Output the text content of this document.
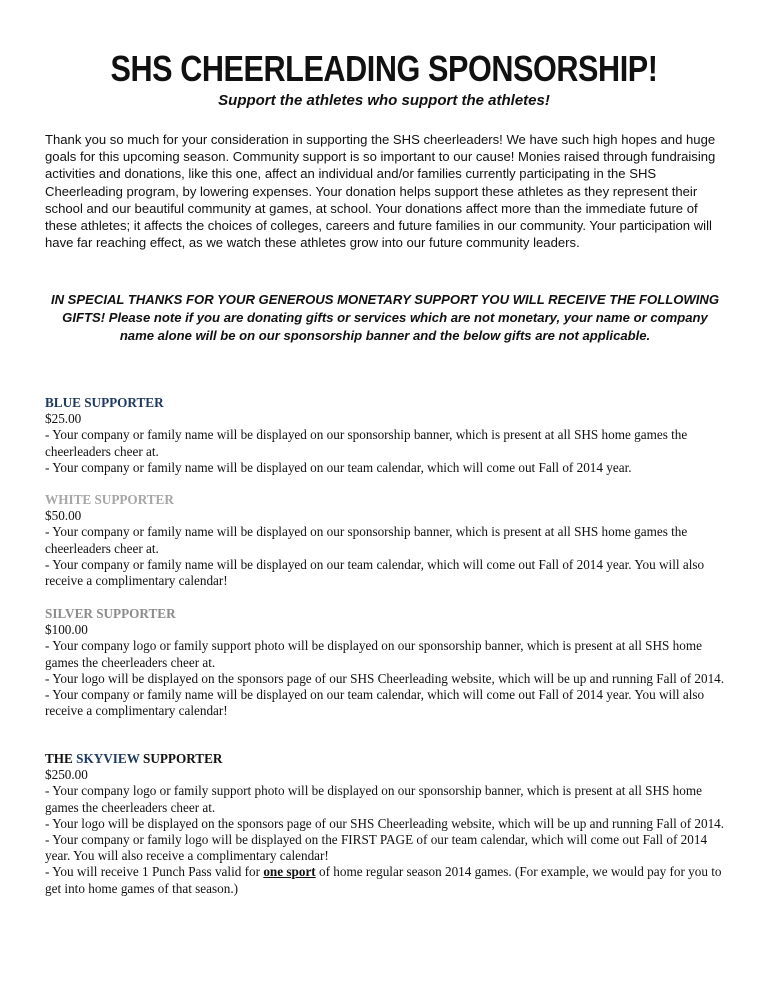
SHS CHEERLEADING SPONSORSHIP!

Support the athletes who support the athletes!

Thank you so much for your consideration in supporting the SHS cheerleaders! We have such high hopes and huge goals for this upcoming season. Community support is so important to our cause! Monies raised through fundraising activities and donations, like this one, affect an individual and/or families currently participating in the SHS Cheerleading program, by lowering expenses. Your donation helps support these athletes as they represent their school and our beautiful community at games, at school. Your donations affect more than the immediate future of these athletes; it affects the choices of colleges, careers and future families in our community. Your participation will have far reaching effect, as we watch these athletes grow into our future community leaders.

IN SPECIAL THANKS FOR YOUR GENEROUS MONETARY SUPPORT YOU WILL RECEIVE THE FOLLOWING GIFTS! Please note if you are donating gifts or services which are not monetary, your name or company name alone will be on our sponsorship banner and the below gifts are not applicable.

BLUE SUPPORTER
$25.00
- Your company or family name will be displayed on our sponsorship banner, which is present at all SHS home games the cheerleaders cheer at.
- Your company or family name will be displayed on our team calendar, which will come out Fall of 2014 year.
WHITE SUPPORTER
$50.00
- Your company or family name will be displayed on our sponsorship banner, which is present at all SHS home games the cheerleaders cheer at.
- Your company or family name will be displayed on our team calendar, which will come out Fall of 2014 year. You will also receive a complimentary calendar!
SILVER SUPPORTER
$100.00
- Your company logo or family support photo will be displayed on our sponsorship banner, which is present at all SHS home games the cheerleaders cheer at.
- Your logo will be displayed on the sponsors page of our SHS Cheerleading website, which will be up and running Fall of 2014.
- Your company or family name will be displayed on our team calendar, which will come out Fall of 2014 year. You will also receive a complimentary calendar!
THE SKYVIEW SUPPORTER
$250.00
- Your company logo or family support photo will be displayed on our sponsorship banner, which is present at all SHS home games the cheerleaders cheer at.
- Your logo will be displayed on the sponsors page of our SHS Cheerleading website, which will be up and running Fall of 2014.
- Your company or family logo will be displayed on the FIRST PAGE of our team calendar, which will come out Fall of 2014 year. You will also receive a complimentary calendar!
- You will receive 1 Punch Pass valid for one sport of home regular season 2014 games. (For example, we would pay for you to get into home games of that season.)
